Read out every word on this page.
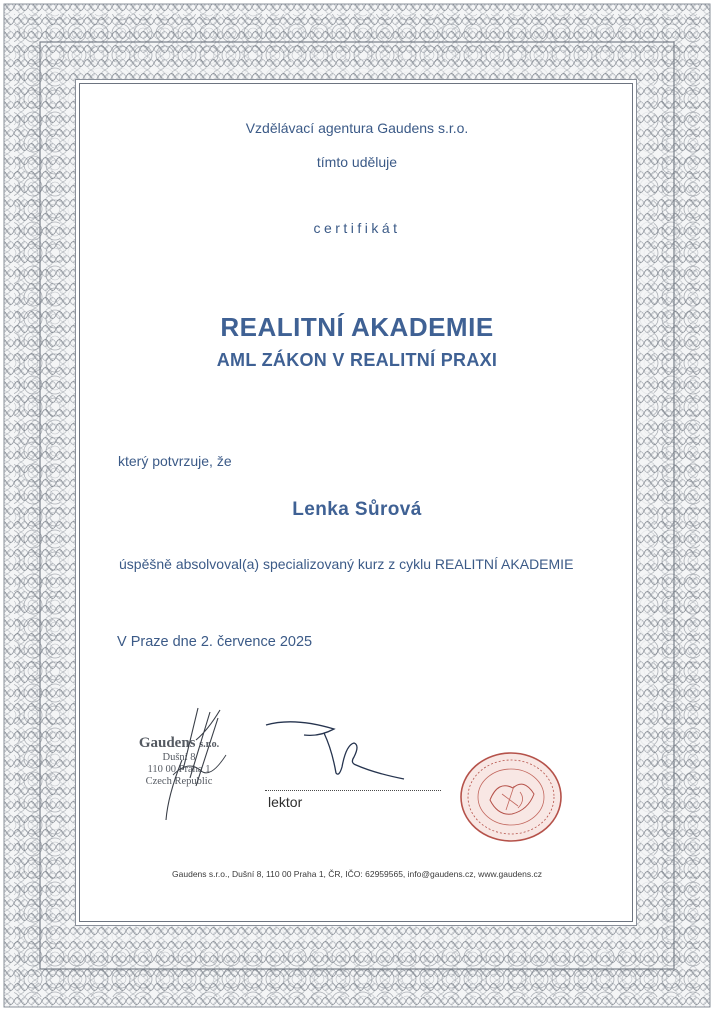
Vzdělávací agentura Gaudens s.r.o.
tímto uděluje
certifikát
REALITNÍ AKADEMIE
AML ZÁKON V REALITNÍ PRAXI
který potvrzuje, že
Lenka Sůrová
úspěšně absolvoval(a) specializovaný kurz z cyklu REALITNÍ AKADEMIE
V Praze dne 2. července 2025
Gaudens s.r.o.
Dušní 8
110 00 Praha 1
Czech Republic
lektor
Gaudens s.r.o., Dušní 8, 110 00 Praha 1, ČR, IČO: 62959565, info@gaudens.cz, www.gaudens.cz
